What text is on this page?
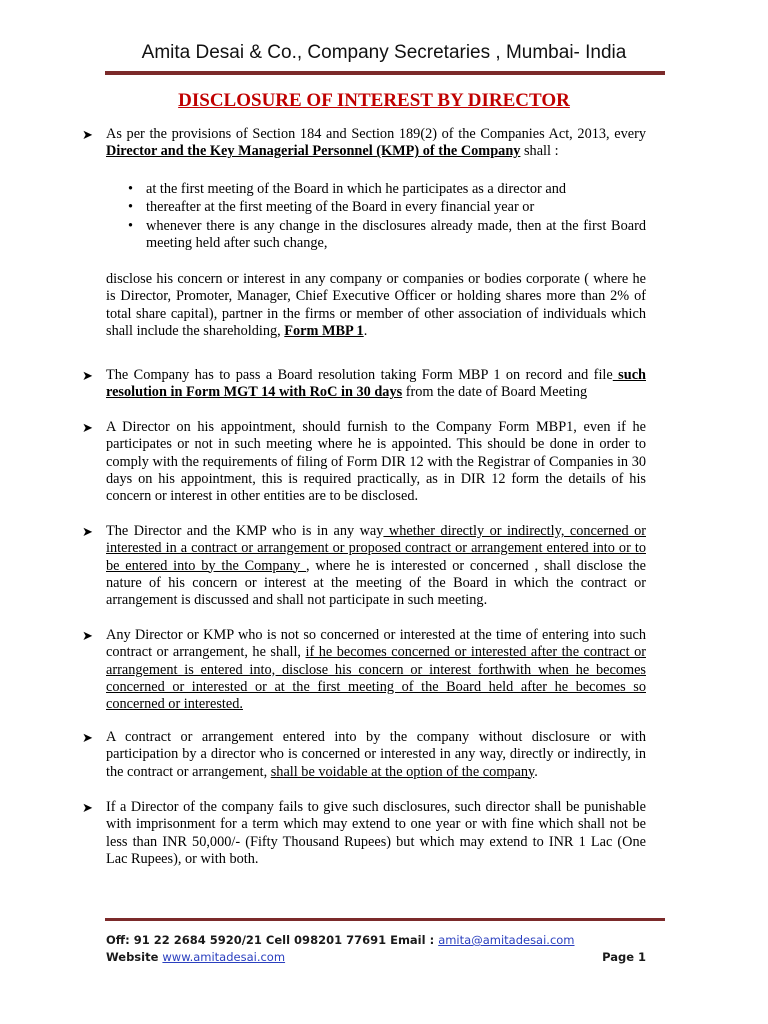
Amita Desai & Co., Company Secretaries , Mumbai- India
DISCLOSURE OF INTEREST BY DIRECTOR
➤ As per the provisions of Section 184 and Section 189(2) of the Companies Act, 2013, every Director and the Key Managerial Personnel (KMP) of the Company shall :
• at the first meeting of the Board in which he participates as a director and
• thereafter at the first meeting of the Board in every financial year or
• whenever there is any change in the disclosures already made, then at the first Board meeting held after such change,
disclose his concern or interest in any company or companies or bodies corporate ( where he is Director, Promoter, Manager, Chief Executive Officer or holding shares more than 2% of total share capital), partner in the firms or member of other association of individuals which shall include the shareholding, Form MBP 1.
➤ The Company has to pass a Board resolution taking Form MBP 1 on record and file such resolution in Form MGT 14 with RoC in 30 days from the date of Board Meeting
➤ A Director on his appointment, should furnish to the Company Form MBP1, even if he participates or not in such meeting where he is appointed. This should be done in order to comply with the requirements of filing of Form DIR 12 with the Registrar of Companies in 30 days on his appointment, this is required practically, as in DIR 12 form the details of his concern or interest in other entities are to be disclosed.
➤ The Director and the KMP who is in any way whether directly or indirectly, concerned or interested in a contract or arrangement or proposed contract or arrangement entered into or to be entered into by the Company , where he is interested or concerned , shall disclose the nature of his concern or interest at the meeting of the Board in which the contract or arrangement is discussed and shall not participate in such meeting.
➤ Any Director or KMP who is not so concerned or interested at the time of entering into such contract or arrangement, he shall, if he becomes concerned or interested after the contract or arrangement is entered into, disclose his concern or interest forthwith when he becomes concerned or interested or at the first meeting of the Board held after he becomes so concerned or interested.
➤ A contract or arrangement entered into by the company without disclosure or with participation by a director who is concerned or interested in any way, directly or indirectly, in the contract or arrangement, shall be voidable at the option of the company.
➤ If a Director of the company fails to give such disclosures, such director shall be punishable with imprisonment for a term which may extend to one year or with fine which shall not be less than INR 50,000/- (Fifty Thousand Rupees) but which may extend to INR 1 Lac (One Lac Rupees), or with both.
Off: 91 22 2684 5920/21 Cell 098201 77691 Email : amita@amitadesai.com
Website www.amitadesai.com	Page 1
